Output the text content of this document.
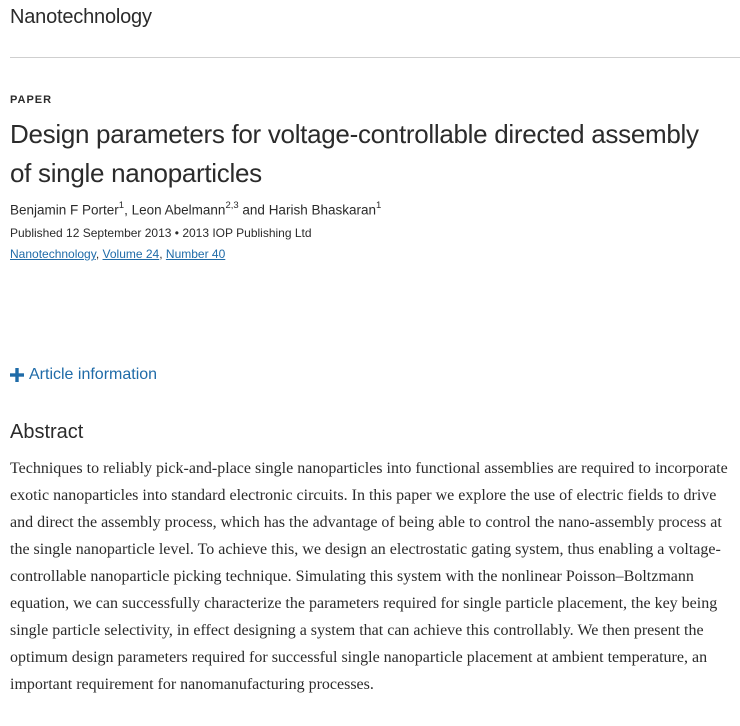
Nanotechnology
PAPER
Design parameters for voltage-controllable directed assembly of single nanoparticles
Benjamin F Porter$^1$, Leon Abelmann$^{2,3}$ and Harish Bhaskaran$^1$
Published 12 September 2013 • 2013 IOP Publishing Ltd
Nanotechnology, Volume 24, Number 40
Article information
Abstract

Techniques to reliably pick-and-place single nanoparticles into functional assemblies are required to incorporate exotic nanoparticles into standard electronic circuits. In this paper we explore the use of electric fields to drive and direct the assembly process, which has the advantage of being able to control the nano-assembly process at the single nanoparticle level. To achieve this, we design an electrostatic gating system, thus enabling a voltage-controllable nanoparticle picking technique. Simulating this system with the nonlinear Poisson–Boltzmann equation, we can successfully characterize the parameters required for single particle placement, the key being single particle selectivity, in effect designing a system that can achieve this controllably. We then present the optimum design parameters required for successful single nanoparticle placement at ambient temperature, an important requirement for nanomanufacturing processes.
